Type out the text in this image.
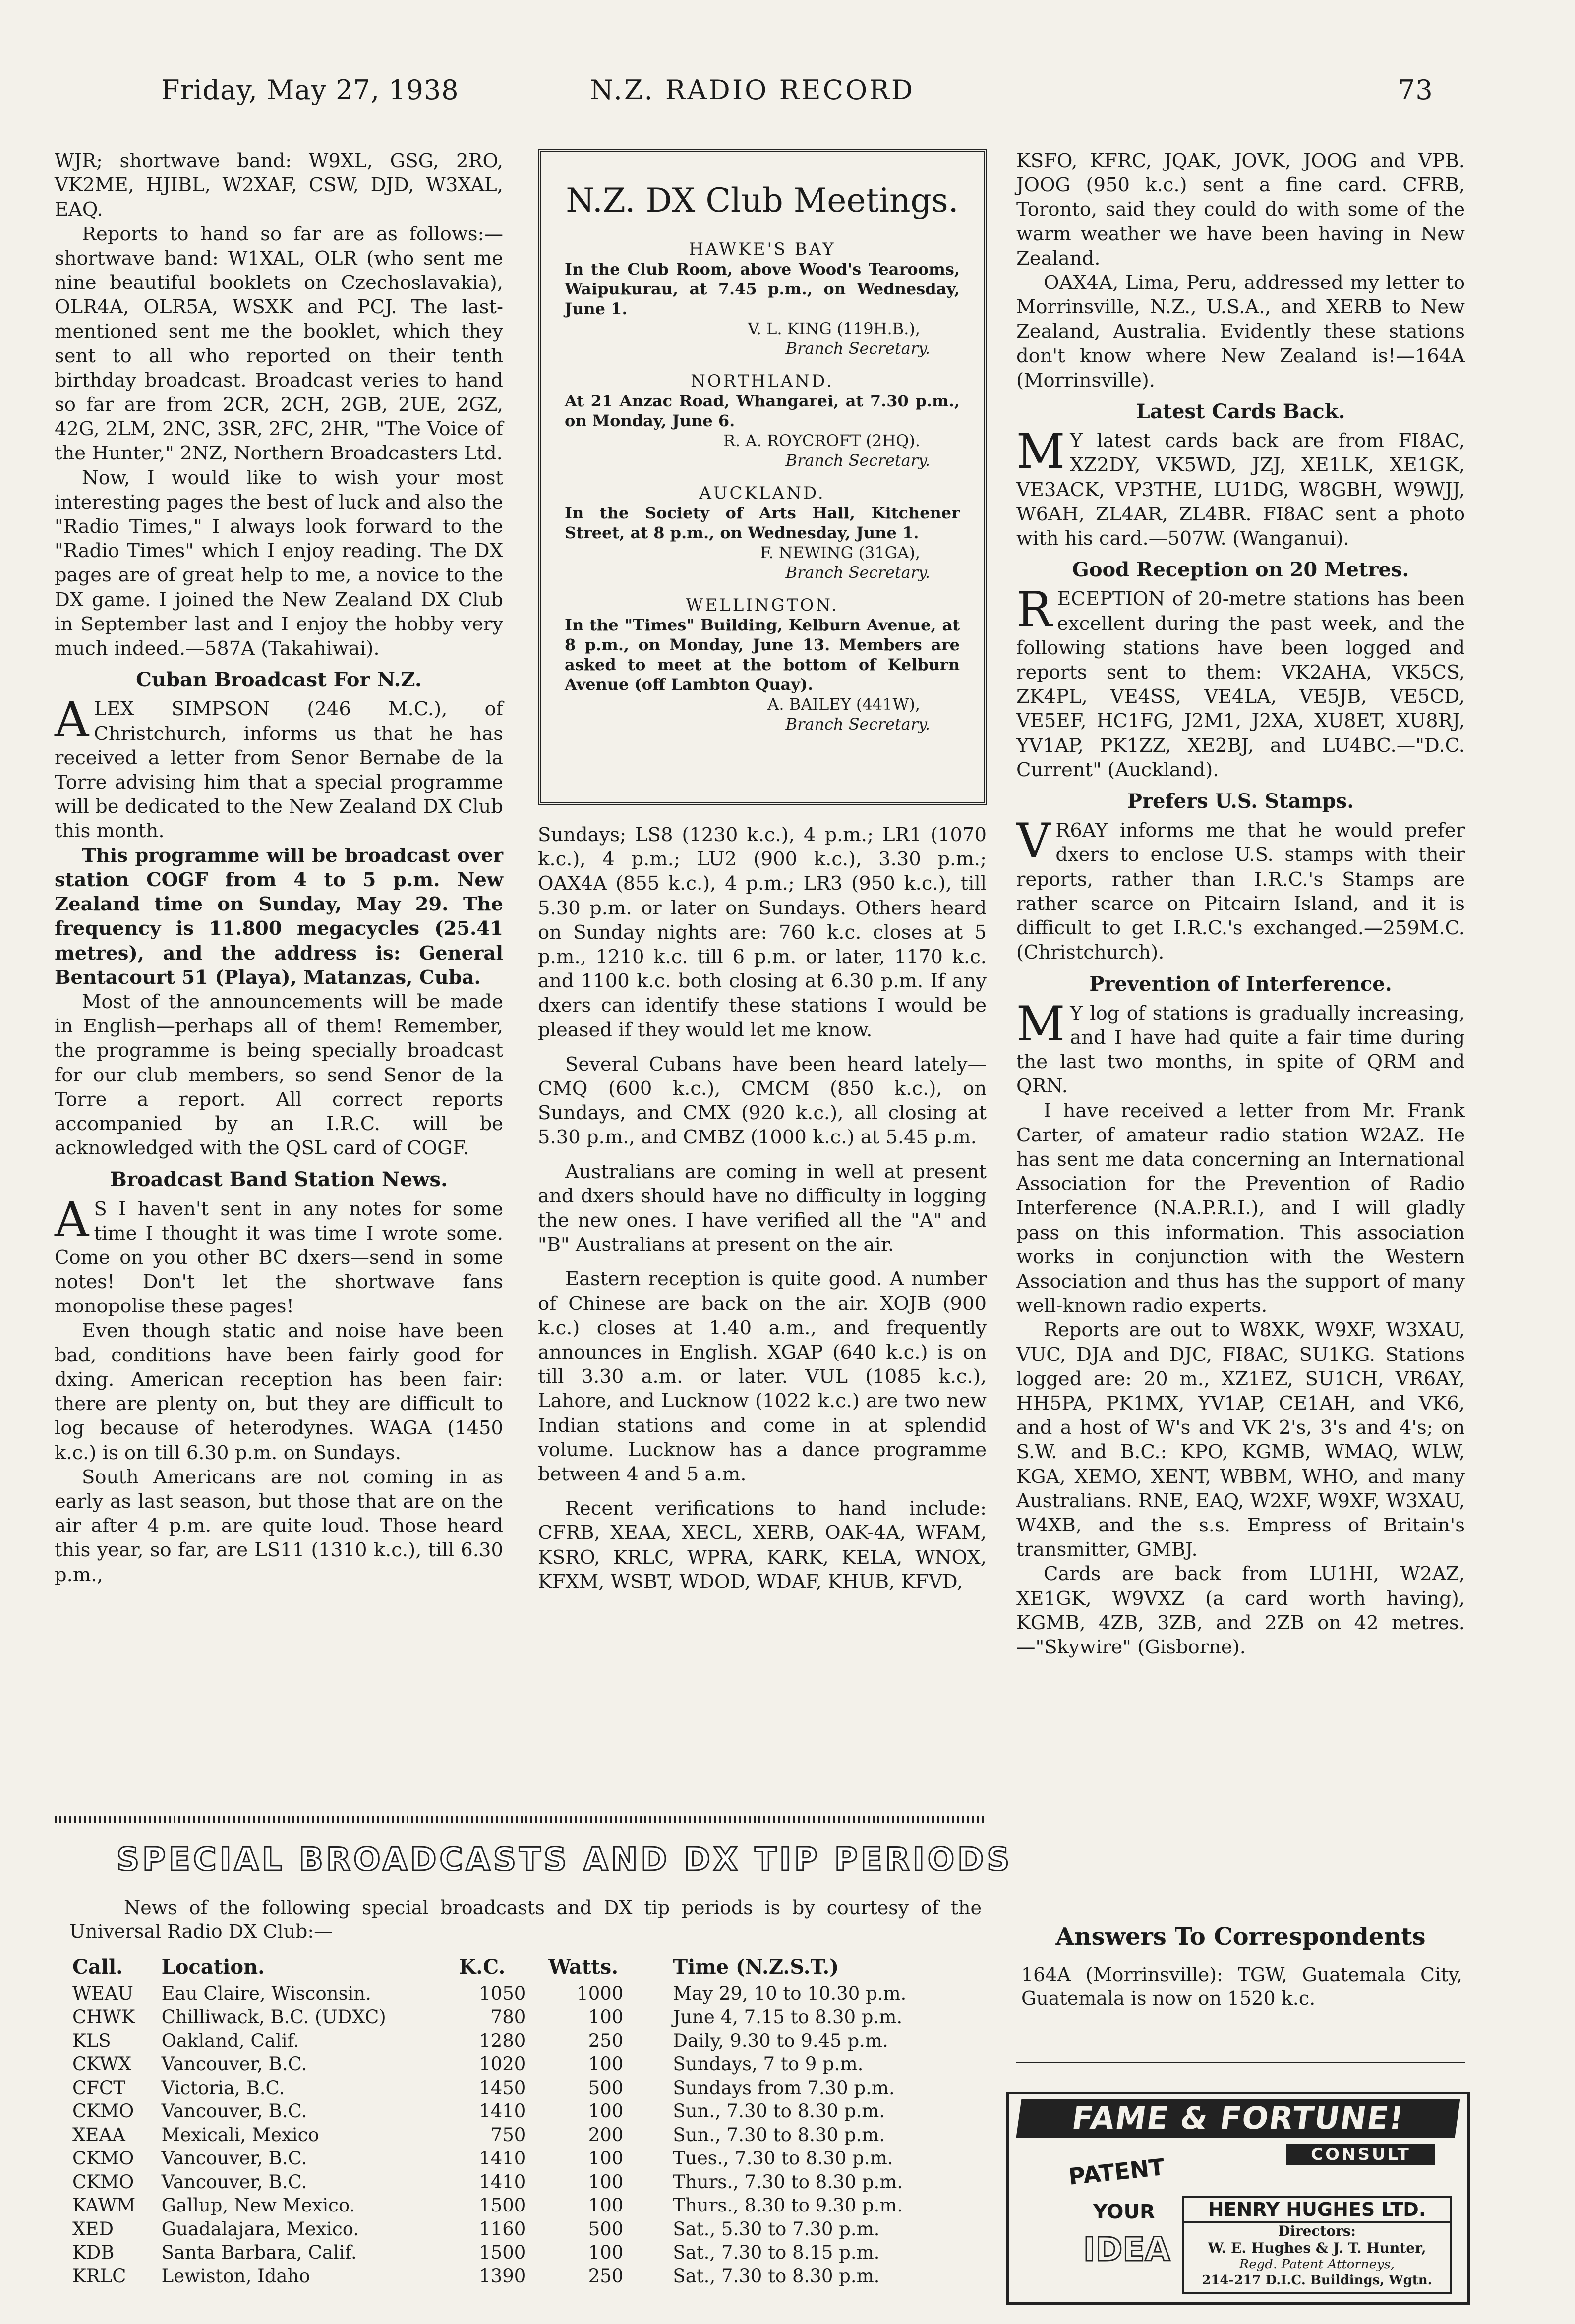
Friday, May 27, 1938	N.Z. RADIO RECORD	73

WJR; shortwave band: W9XL, GSG, 2RO, VK2ME, HJIBL, W2XAF, CSW, DJD, W3XAL, EAQ.

Reports to hand so far are as follows:—shortwave band: W1XAL, OLR (who sent me nine beautiful booklets on Czechoslavakia), OLR4A, OLR5A, WSXK and PCJ. The last-mentioned sent me the booklet, which they sent to all who reported on their tenth birthday broadcast. Broadcast veries to hand so far are from 2CR, 2CH, 2GB, 2UE, 2GZ, 42G, 2LM, 2NC, 3SR, 2FC, 2HR, "The Voice of the Hunter," 2NZ, Northern Broadcasters Ltd.

Now, I would like to wish your most interesting pages the best of luck and also the "Radio Times," I always look forward to the "Radio Times" which I enjoy reading. The DX pages are of great help to me, a novice to the DX game. I joined the New Zealand DX Club in September last and I enjoy the hobby very much indeed.—587A (Takahiwai).

Cuban Broadcast For N.Z.

ALEX SIMPSON (246 M.C.), of Christchurch, informs us that he has received a letter from Senor Bernabe de la Torre advising him that a special programme will be dedicated to the New Zealand DX Club this month.

This programme will be broadcast over station COGF from 4 to 5 p.m. New Zealand time on Sunday, May 29. The frequency is 11.800 megacycles (25.41 metres), and the address is: General Bentacourt 51 (Playa), Matanzas, Cuba.

Most of the announcements will be made in English—perhaps all of them! Remember, the programme is being specially broadcast for our club members, so send Senor de la Torre a report. All correct reports accompanied by an I.R.C. will be acknowledged with the QSL card of COGF.

Broadcast Band Station News.

A S I haven't sent in any notes for some time I thought it was time I wrote some. Come on you other BC dxers—send in some notes! Don't let the shortwave fans monopolise these pages!

Even though static and noise have been bad, conditions have been fairly good for dxing. American reception has been fair: there are plenty on, but they are difficult to log because of heterodynes. WAGA (1450 k.c.) is on till 6.30 p.m. on Sundays.

South Americans are not coming in as early as last season, but those that are on the air after 4 p.m. are quite loud. Those heard this year, so far, are LS11 (1310 k.c.), till 6.30 p.m.,

N.Z. DX Club Meetings.
HAWKE'S BAY
In the Club Room, above Wood's Tearooms, Waipukurau, at 7.45 p.m., on Wednesday, June 1.
V. L. KING (119H.B.),
Branch Secretary.
NORTHLAND.
At 21 Anzac Road, Whangarei, at 7.30 p.m., on Monday, June 6.
R. A. ROYCROFT (2HQ).
Branch Secretary.
AUCKLAND.
In the Society of Arts Hall, Kitchener Street, at 8 p.m., on Wednesday, June 1.
F. NEWING (31GA),
Branch Secretary.
WELLINGTON.
In the "Times" Building, Kelburn Avenue, at 8 p.m., on Monday, June 13. Members are asked to meet at the bottom of Kelburn Avenue (off Lambton Quay).
A. BAILEY (441W),
Branch Secretary.

Sundays; LS8 (1230 k.c.), 4 p.m.; LR1 (1070 k.c.), 4 p.m.; LU2 (900 k.c.), 3.30 p.m.; OAX4A (855 k.c.), 4 p.m.; LR3 (950 k.c.), till 5.30 p.m. or later on Sundays. Others heard on Sunday nights are: 760 k.c. closes at 5 p.m., 1210 k.c. till 6 p.m. or later, 1170 k.c. and 1100 k.c. both closing at 6.30 p.m. If any dxers can identify these stations I would be pleased if they would let me know.

Several Cubans have been heard lately—CMQ (600 k.c.), CMCM (850 k.c.), on Sundays, and CMX (920 k.c.), all closing at 5.30 p.m., and CMBZ (1000 k.c.) at 5.45 p.m.

Australians are coming in well at present and dxers should have no difficulty in logging the new ones. I have verified all the "A" and "B" Australians at present on the air.

Eastern reception is quite good. A number of Chinese are back on the air. XOJB (900 k.c.) closes at 1.40 a.m., and frequently announces in English. XGAP (640 k.c.) is on till 3.30 a.m. or later. VUL (1085 k.c.), Lahore, and Lucknow (1022 k.c.) are two new Indian stations and come in at splendid volume. Lucknow has a dance programme between 4 and 5 a.m.

Recent verifications to hand include: CFRB, XEAA, XECL, XERB, OAK-4A, WFAM, KSRO, KRLC, WPRA, KARK, KELA, WNOX, KFXM, WSBT, WDOD, WDAF, KHUB, KFVD,

KSFO, KFRC, JQAK, JOVK, JOOG and VPB. JOOG (950 k.c.) sent a fine card. CFRB, Toronto, said they could do with some of the warm weather we have been having in New Zealand.

OAX4A, Lima, Peru, addressed my letter to Morrinsville, N.Z., U.S.A., and XERB to New Zealand, Australia. Evidently these stations don't know where New Zealand is!—164A (Morrinsville).

Latest Cards Back.

M Y latest cards back are from FI8AC, XZ2DY, VK5WD, JZJ, XE1LK, XE1GK, VE3ACK, VP3THE, LU1DG, W8GBH, W9WJJ, W6AH, ZL4AR, ZL4BR. FI8AC sent a photo with his card.—507W. (Wanganui).

Good Reception on 20 Metres.

RECEPTION of 20-metre stations has been excellent during the past week, and the following stations have been logged and reports sent to them: VK2AHA, VK5CS, ZK4PL, VE4SS, VE4LA, VE5JB, VE5CD, VE5EF, HC1FG, J2M1, J2XA, XU8ET, XU8RJ, YV1AP, PK1ZZ, XE2BJ, and LU4BC.—"D.C. Current" (Auckland).

Prefers U.S. Stamps.

V R6AY informs me that he would prefer dxers to enclose U.S. stamps with their reports, rather than I.R.C.'s Stamps are rather scarce on Pitcairn Island, and it is difficult to get I.R.C.'s exchanged.—259M.C. (Christchurch).

Prevention of Interference.

M Y log of stations is gradually increasing, and I have had quite a fair time during the last two months, in spite of QRM and QRN.

I have received a letter from Mr. Frank Carter, of amateur radio station W2AZ. He has sent me data concerning an International Association for the Prevention of Radio Interference (N.A.P.R.I.), and I will gladly pass on this information. This association works in conjunction with the Western Association and thus has the support of many well-known radio experts.

Reports are out to W8XK, W9XF, W3XAU, VUC, DJA and DJC, FI8AC, SU1KG. Stations logged are: 20 m., XZ1EZ, SU1CH, VR6AY, HH5PA, PK1MX, YV1AP, CE1AH, and VK6, and a host of W's and VK 2's, 3's and 4's; on S.W. and B.C.: KPO, KGMB, WMAQ, WLW, KGA, XEMO, XENT, WBBM, WHO, and many Australians. RNE, EAQ, W2XF, W9XF, W3XAU, W4XB, and the s.s. Empress of Britain's transmitter, GMBJ.

Cards are back from LU1HI, W2AZ, XE1GK, W9VXZ (a card worth having), KGMB, 4ZB, 3ZB, and 2ZB on 42 metres.—"Skywire" (Gisborne).

Answers To Correspondents
164A (Morrinsville): TGW, Guatemala City, Guatemala is now on 1520 k.c.
SPECIAL BROADCASTS AND DX TIP PERIODS
News of the following special broadcasts and DX tip periods is by courtesy of the Universal Radio DX Club:—
Call.	Location.	K.C.	Watts.	Time (N.Z.S.T.)
WEAU	Eau Claire, Wisconsin.	1050	1000	May 29, 10 to 10.30 p.m.
CHWK	Chilliwack, B.C. (UDXC)	780	100	June 4, 7.15 to 8.30 p.m.
KLS	Oakland, Calif.	1280	250	Daily, 9.30 to 9.45 p.m.
CKWX	Vancouver, B.C.	1020	100	Sundays, 7 to 9 p.m.
CFCT	Victoria, B.C.	1450	500	Sundays from 7.30 p.m.
CKMO	Vancouver, B.C.	1410	100	Sun., 7.30 to 8.30 p.m.
XEAA	Mexicali, Mexico	750	200	Sun., 7.30 to 8.30 p.m.
CKMO	Vancouver, B.C.	1410	100	Tues., 7.30 to 8.30 p.m.
CKMO	Vancouver, B.C.	1410	100	Thurs., 7.30 to 8.30 p.m.
KAWM	Gallup, New Mexico.	1500	100	Thurs., 8.30 to 9.30 p.m.
XED	Guadalajara, Mexico.	1160	500	Sat., 5.30 to 7.30 p.m.
KDB	Santa Barbara, Calif.	1500	100	Sat., 7.30 to 8.15 p.m.
KRLC	Lewiston, Idaho	1390	250	Sat., 7.30 to 8.30 p.m.
FAME & FORTUNE!
CONSULT
PATENT
YOUR
IDEA
HENRY HUGHES LTD.
Directors:
W. E. Hughes & J. T. Hunter,
Regd. Patent Attorneys,
214-217 D.I.C. Buildings, Wgtn.
